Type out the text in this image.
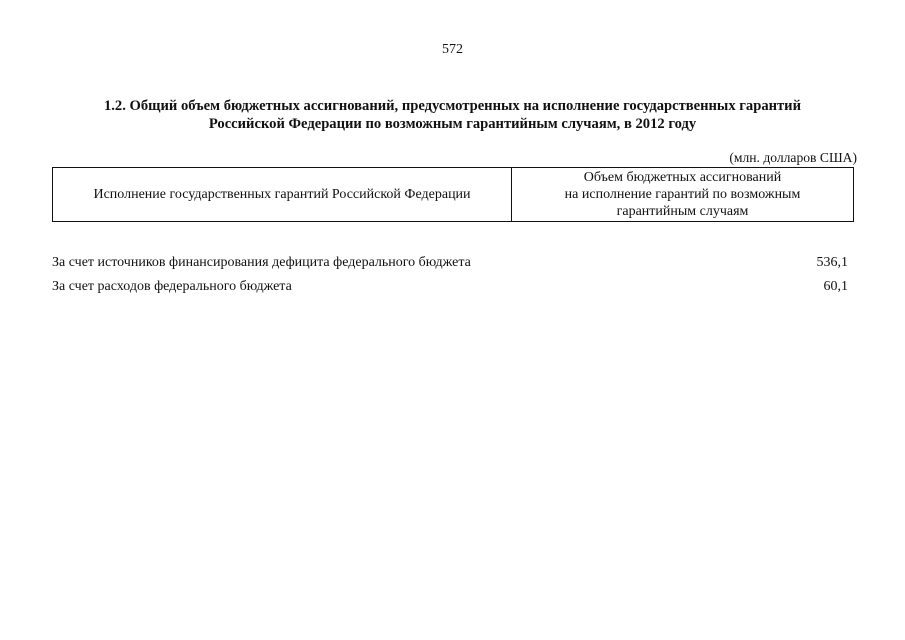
572
1.2. Общий объем бюджетных ассигнований, предусмотренных на исполнение государственных гарантий
Российской Федерации по возможным гарантийным случаям, в 2012 году
(млн. долларов США)
Исполнение государственных гарантий Российской Федерации
Объем бюджетных ассигнований
на исполнение гарантий по возможным
гарантийным случаям
За счет источников финансирования дефицита федерального бюджета	536,1
За счет расходов федерального бюджета	60,1
